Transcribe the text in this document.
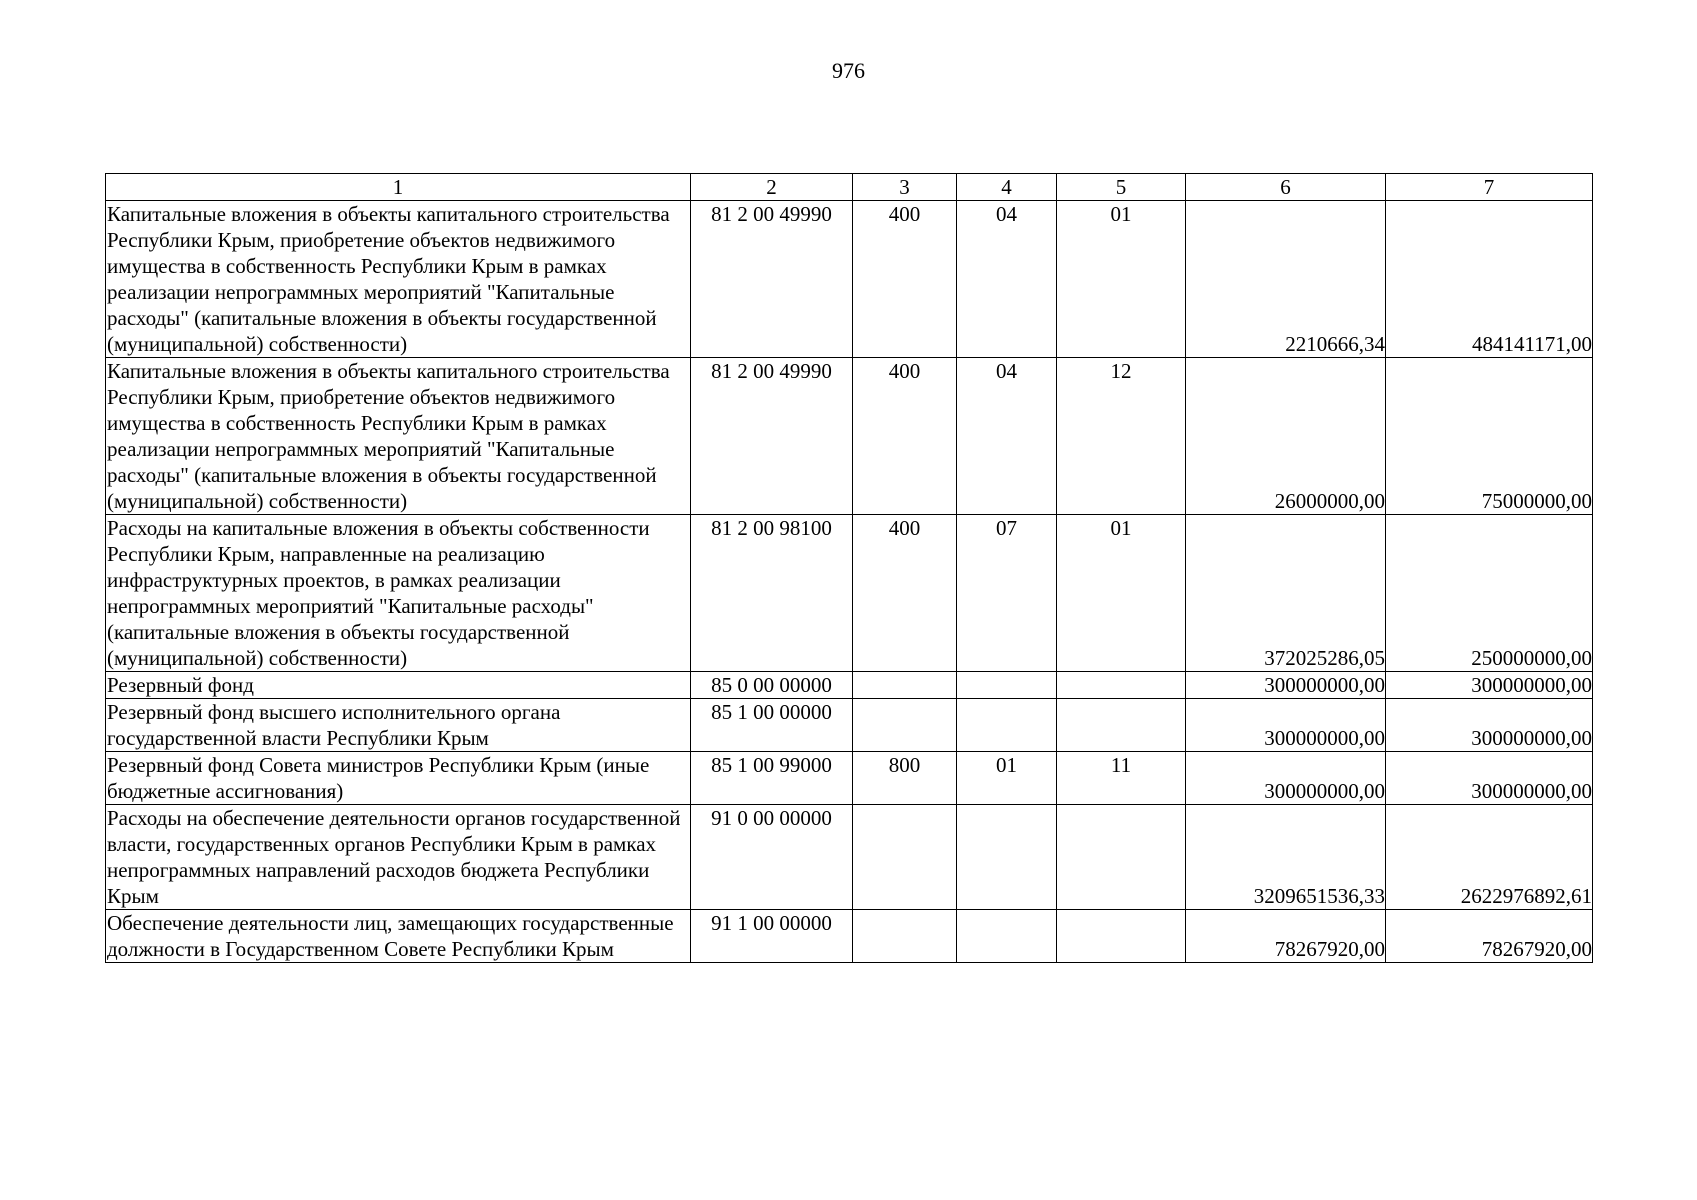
976
1	2	3	4	5	6	7
Капитальные вложения в объекты капитального строительства Республики Крым, приобретение объектов недвижимого имущества в собственность Республики Крым в рамках реализации непрограммных мероприятий "Капитальные расходы" (капитальные вложения в объекты государственной (муниципальной) собственности)	81 2 00 49990	400	04	01	2210666,34	484141171,00
Капитальные вложения в объекты капитального строительства Республики Крым, приобретение объектов недвижимого имущества в собственность Республики Крым в рамках реализации непрограммных мероприятий "Капитальные расходы" (капитальные вложения в объекты государственной (муниципальной) собственности)	81 2 00 49990	400	04	12	26000000,00	75000000,00
Расходы на капитальные вложения в объекты собственности Республики Крым, направленные на реализацию инфраструктурных проектов, в рамках реализации непрограммных мероприятий "Капитальные расходы" (капитальные вложения в объекты государственной (муниципальной) собственности)	81 2 00 98100	400	07	01	372025286,05	250000000,00
Резервный фонд	85 0 00 00000				300000000,00	300000000,00
Резервный фонд высшего исполнительного органа государственной власти Республики Крым	85 1 00 00000				300000000,00	300000000,00
Резервный фонд Совета министров Республики Крым (иные бюджетные ассигнования)	85 1 00 99000	800	01	11	300000000,00	300000000,00
Расходы на обеспечение деятельности органов государственной власти, государственных органов Республики Крым в рамках непрограммных направлений расходов бюджета Республики Крым	91 0 00 00000				3209651536,33	2622976892,61
Обеспечение деятельности лиц, замещающих государственные должности в Государственном Совете Республики Крым	91 1 00 00000				78267920,00	78267920,00
